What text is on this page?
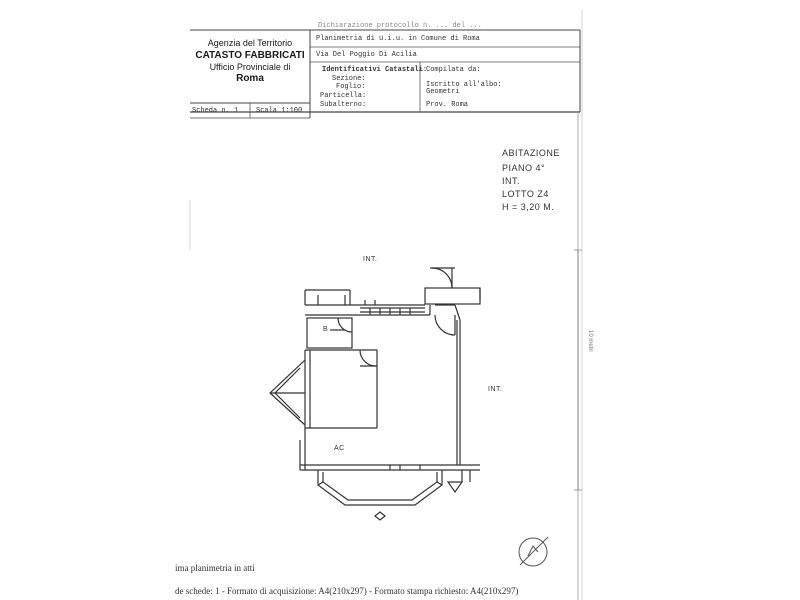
Dichiarazione protocollo n. ... del ...
Agenzia del Territorio
CATASTO FABBRICATI
Ufficio Provinciale di
Roma
Planimetria di u.i.u. in Comune di Roma
Via Del Poggio Di Acilia
Identificativi Catastali:
Sezione:
Foglio:
Particella:
Subalterno:
Compilata da:
Iscritto all'albo:
Geometri
Prov. Roma
Scheda n. 1	Scala 1:100
ABITAZIONE
PIANO 4°
INT.
LOTTO Z4
H = 3,20 M.
INT.
INT.
B
AC
10 metri
ima planimetria in atti
de schede: 1 - Formato di acquisizione: A4(210x297) - Formato stampa richiesto: A4(210x297)
